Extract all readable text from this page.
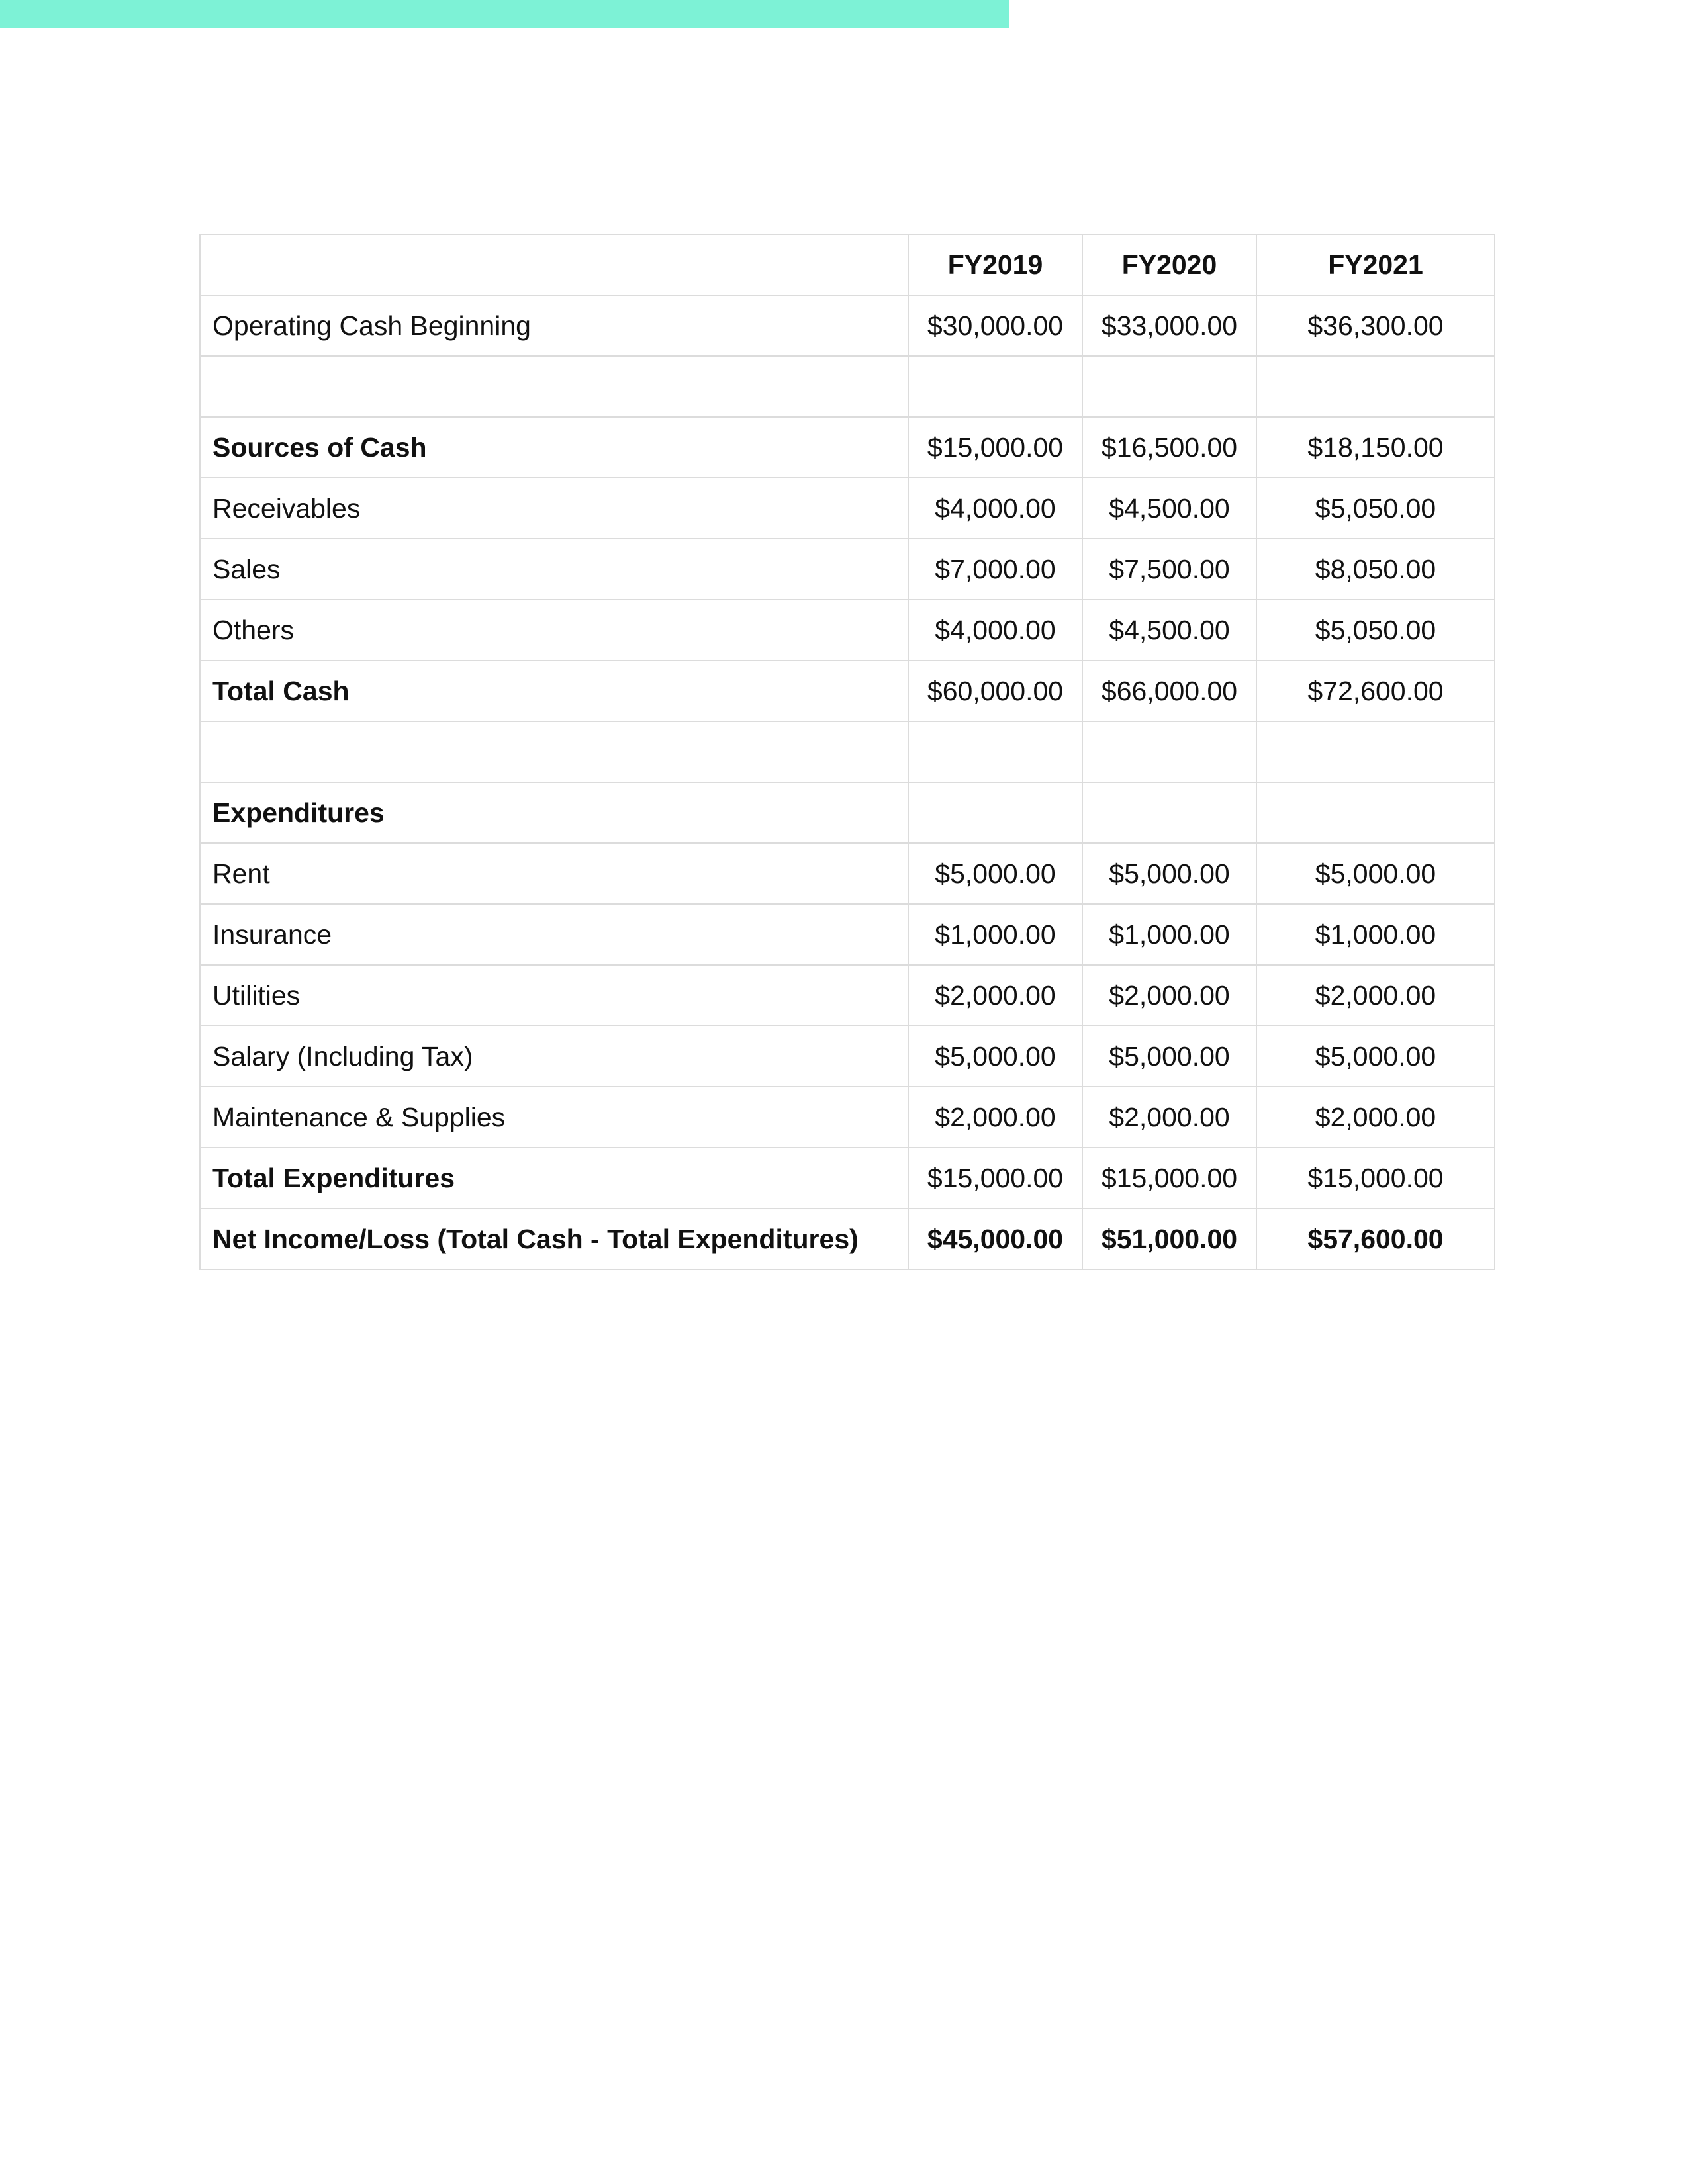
	FY2019	FY2020	FY2021
Operating Cash Beginning	$30,000.00	$33,000.00	$36,300.00

Sources of Cash	$15,000.00	$16,500.00	$18,150.00
Receivables	$4,000.00	$4,500.00	$5,050.00
Sales	$7,000.00	$7,500.00	$8,050.00
Others	$4,000.00	$4,500.00	$5,050.00
Total Cash	$60,000.00	$66,000.00	$72,600.00

Expenditures			
Rent	$5,000.00	$5,000.00	$5,000.00
Insurance	$1,000.00	$1,000.00	$1,000.00
Utilities	$2,000.00	$2,000.00	$2,000.00
Salary (Including Tax)	$5,000.00	$5,000.00	$5,000.00
Maintenance & Supplies	$2,000.00	$2,000.00	$2,000.00
Total Expenditures	$15,000.00	$15,000.00	$15,000.00
Net Income/Loss (Total Cash - Total Expenditures)	$45,000.00	$51,000.00	$57,600.00
